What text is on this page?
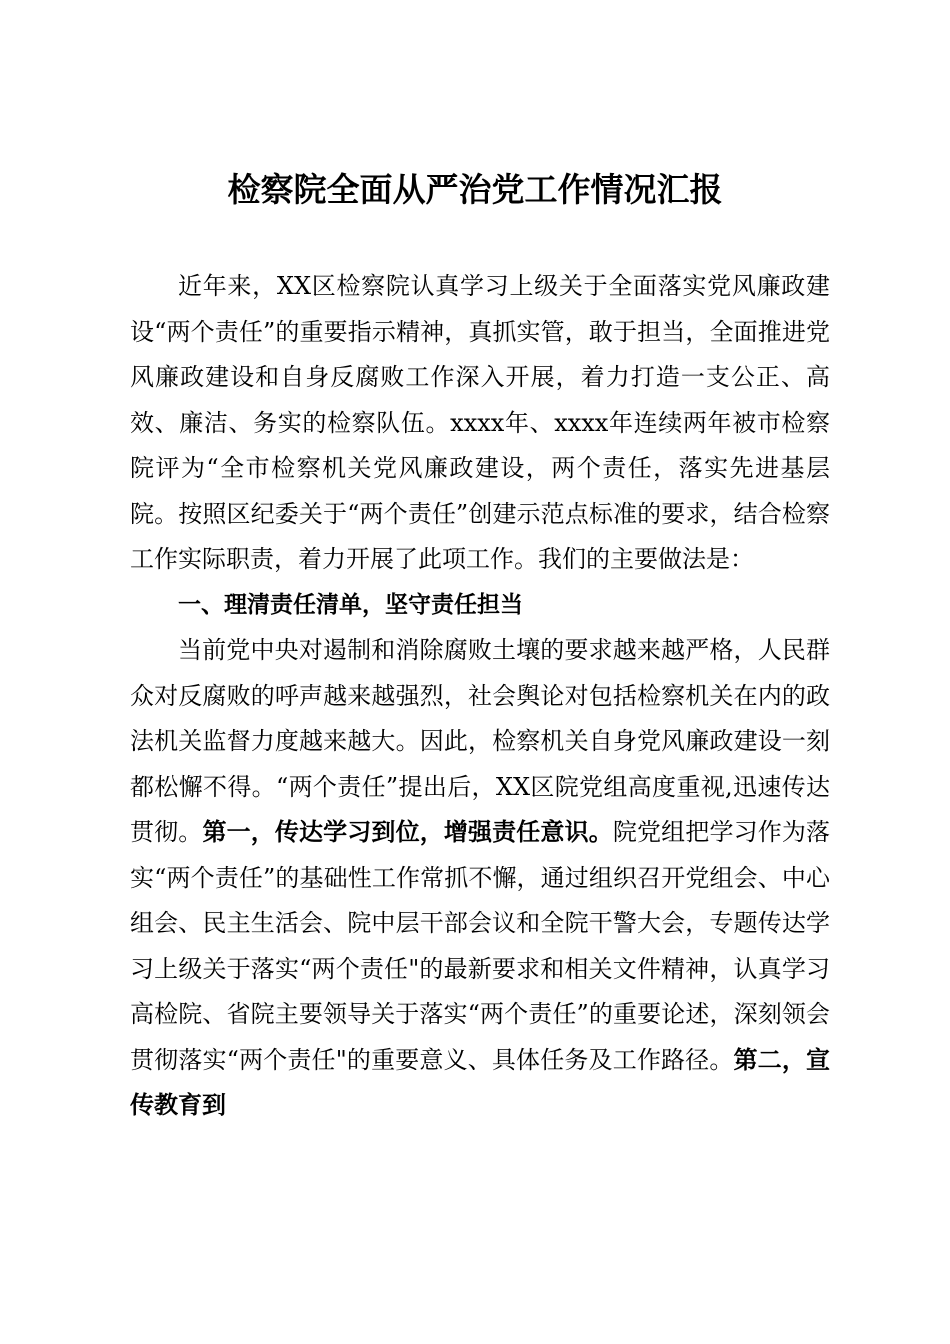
检察院全面从严治党工作情况汇报

近年来，XX区检察院认真学习上级关于全面落实党风廉政建设“两个责任”的重要指示精神，真抓实管，敢于担当，全面推进党风廉政建设和自身反腐败工作深入开展，着力打造一支公正、高效、廉洁、务实的检察队伍。xxxx年、xxxx年连续两年被市检察院评为“全市检察机关党风廉政建设，两个责任，落实先进基层院。按照区纪委关于“两个责任”创建示范点标准的要求，结合检察工作实际职责，着力开展了此项工作。我们的主要做法是：

一、理清责任清单，坚守责任担当

当前党中央对遏制和消除腐败土壤的要求越来越严格，人民群众对反腐败的呼声越来越强烈，社会舆论对包括检察机关在内的政法机关监督力度越来越大。因此，检察机关自身党风廉政建设一刻都松懈不得。“两个责任”提出后，XX区院党组高度重视,迅速传达贯彻。第一，传达学习到位，增强责任意识。院党组把学习作为落实“两个责任”的基础性工作常抓不懈，通过组织召开党组会、中心组会、民主生活会、院中层干部会议和全院干警大会，专题传达学习上级关于落实“两个责任"的最新要求和相关文件精神，认真学习高检院、省院主要领导关于落实“两个责任”的重要论述，深刻领会贯彻落实“两个责任"的重要意义、具体任务及工作路径。第二，宣传教育到
